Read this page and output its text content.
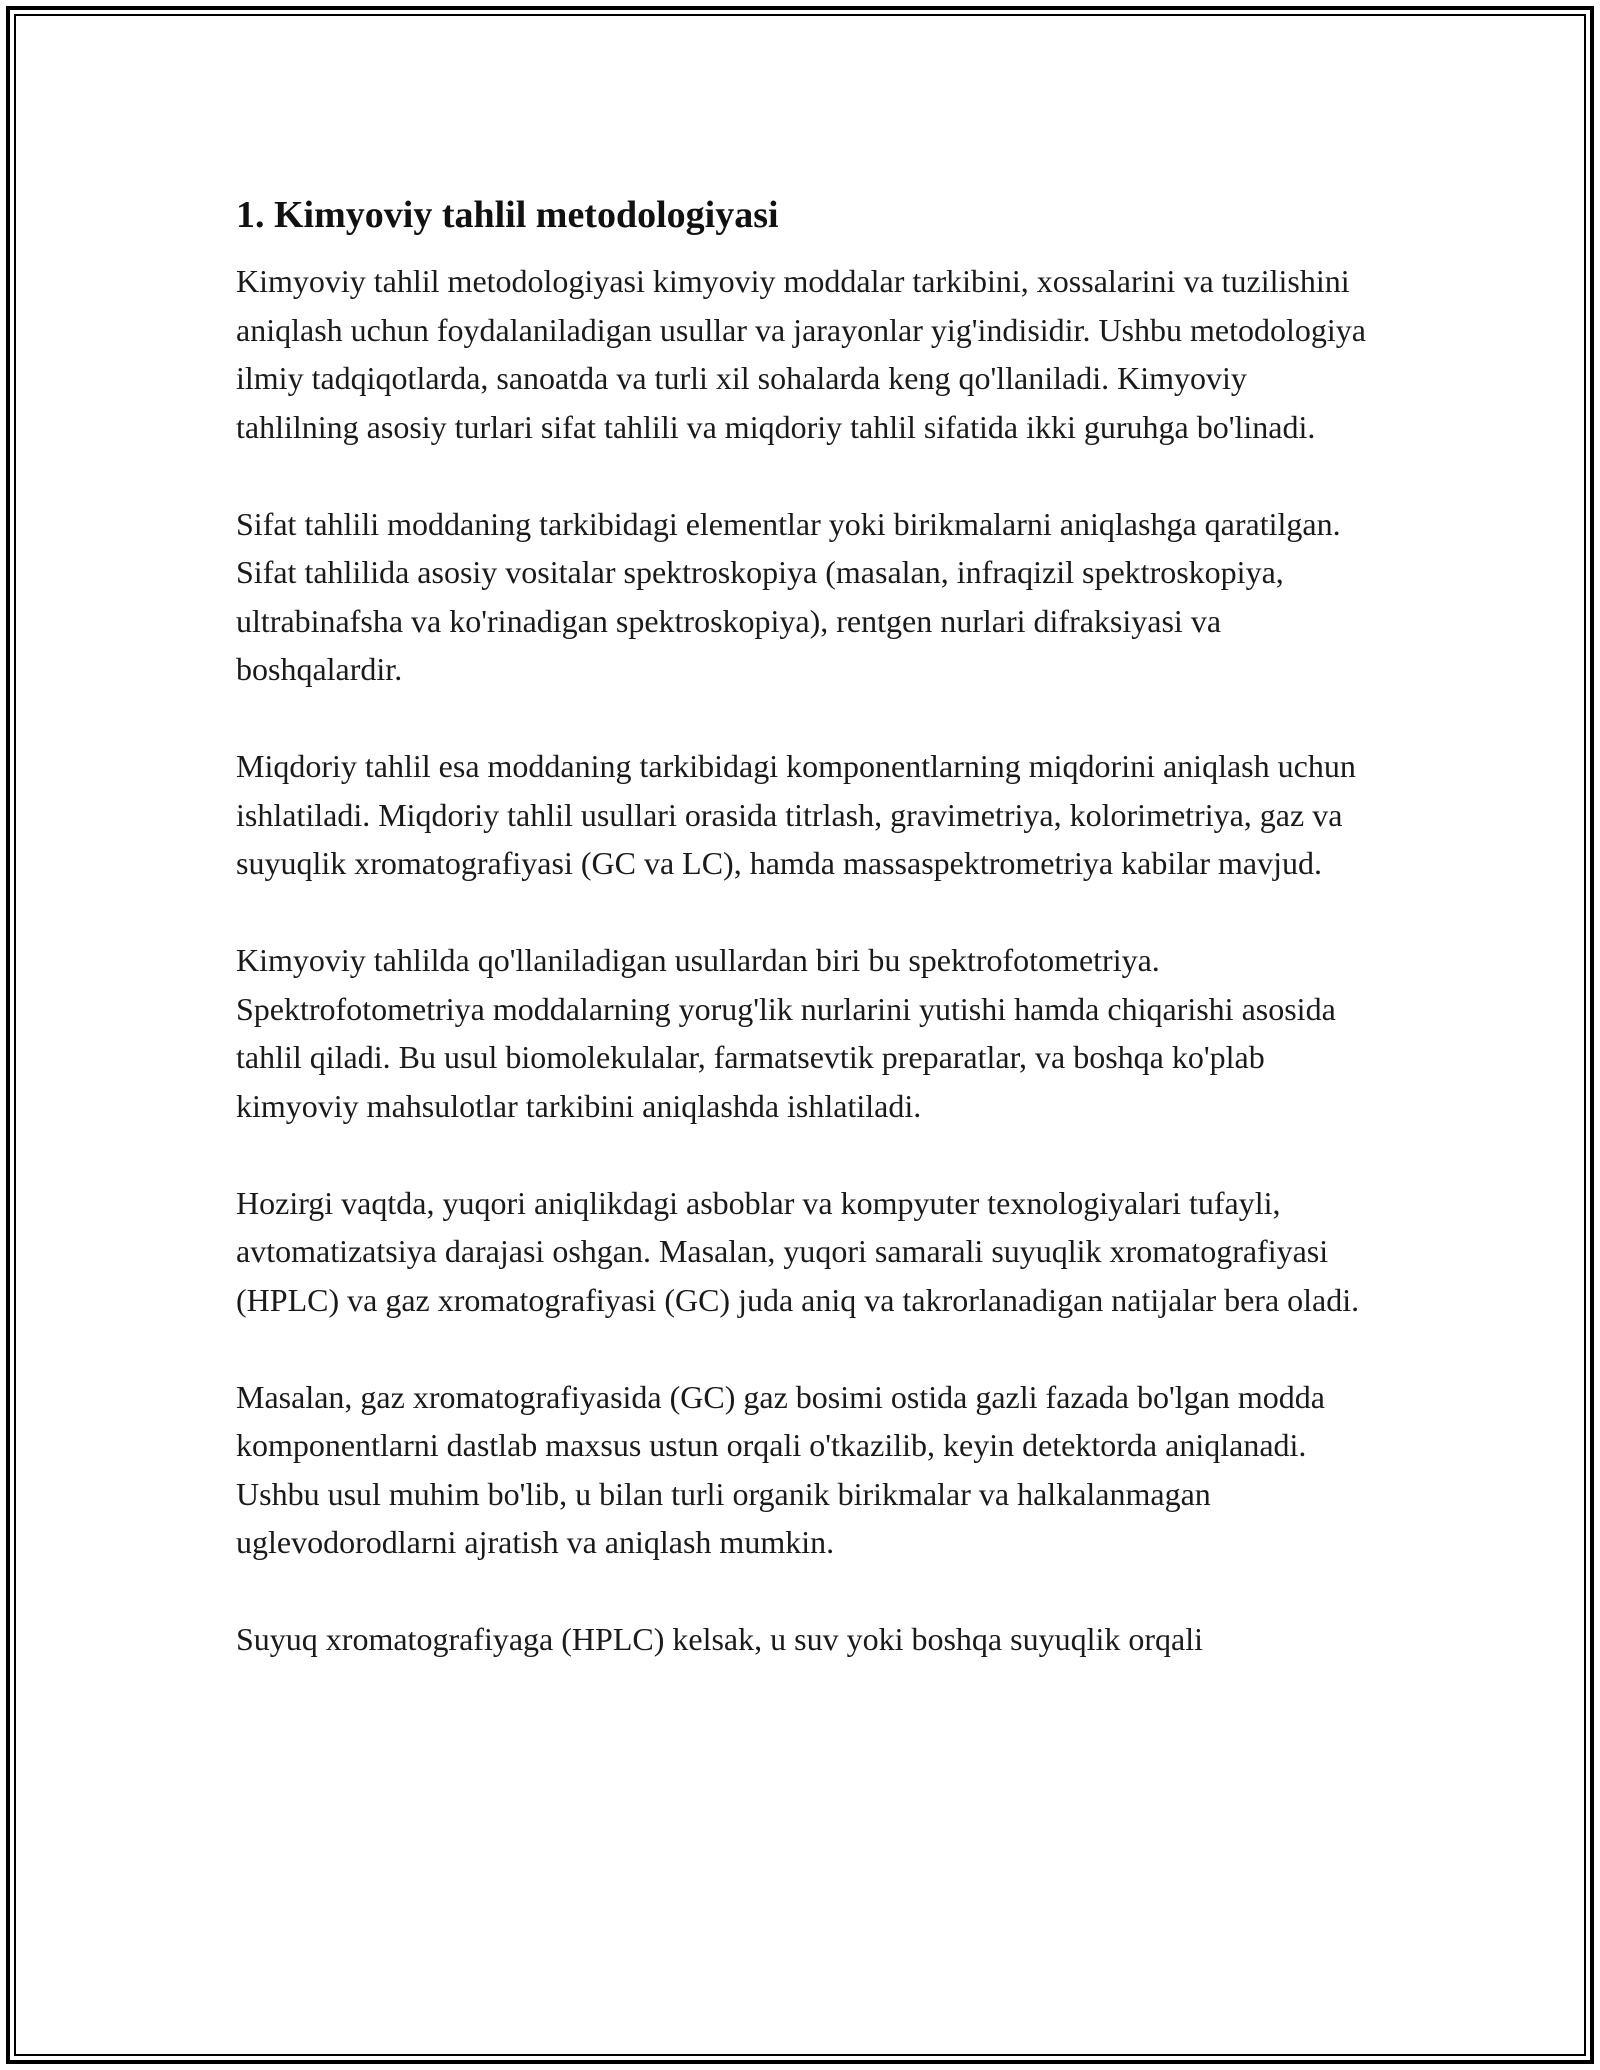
1. Kimyoviy tahlil metodologiyasi

Kimyoviy tahlil metodologiyasi kimyoviy moddalar tarkibini, xossalarini va tuzilishini aniqlash uchun foydalaniladigan usullar va jarayonlar yig'indisidir. Ushbu metodologiya ilmiy tadqiqotlarda, sanoatda va turli xil sohalarda keng qo'llaniladi. Kimyoviy tahlilning asosiy turlari sifat tahlili va miqdoriy tahlil sifatida ikki guruhga bo'linadi.

Sifat tahlili moddaning tarkibidagi elementlar yoki birikmalarni aniqlashga qaratilgan. Sifat tahlilida asosiy vositalar spektroskopiya (masalan, infraqizil spektroskopiya, ultrabinafsha va ko'rinadigan spektroskopiya), rentgen nurlari difraksiyasi va boshqalardir.

Miqdoriy tahlil esa moddaning tarkibidagi komponentlarning miqdorini aniqlash uchun ishlatiladi. Miqdoriy tahlil usullari orasida titrlash, gravimetriya, kolorimetriya, gaz va suyuqlik xromatografiyasi (GC va LC), hamda massaspektrometriya kabilar mavjud.

Kimyoviy tahlilda qo'llaniladigan usullardan biri bu spektrofotometriya. Spektrofotometriya moddalarning yorug'lik nurlarini yutishi hamda chiqarishi asosida tahlil qiladi. Bu usul biomolekulalar, farmatsevtik preparatlar, va boshqa ko'plab kimyoviy mahsulotlar tarkibini aniqlashda ishlatiladi.

Hozirgi vaqtda, yuqori aniqlikdagi asboblar va kompyuter texnologiyalari tufayli, avtomatizatsiya darajasi oshgan. Masalan, yuqori samarali suyuqlik xromatografiyasi (HPLC) va gaz xromatografiyasi (GC) juda aniq va takrorlanadigan natijalar bera oladi.

Masalan, gaz xromatografiyasida (GC) gaz bosimi ostida gazli fazada bo'lgan modda komponentlarni dastlab maxsus ustun orqali o'tkazilib, keyin detektorda aniqlanadi. Ushbu usul muhim bo'lib, u bilan turli organik birikmalar va halkalanmagan uglevodorodlarni ajratish va aniqlash mumkin.

Suyuq xromatografiyaga (HPLC) kelsak, u suv yoki boshqa suyuqlik orqali
